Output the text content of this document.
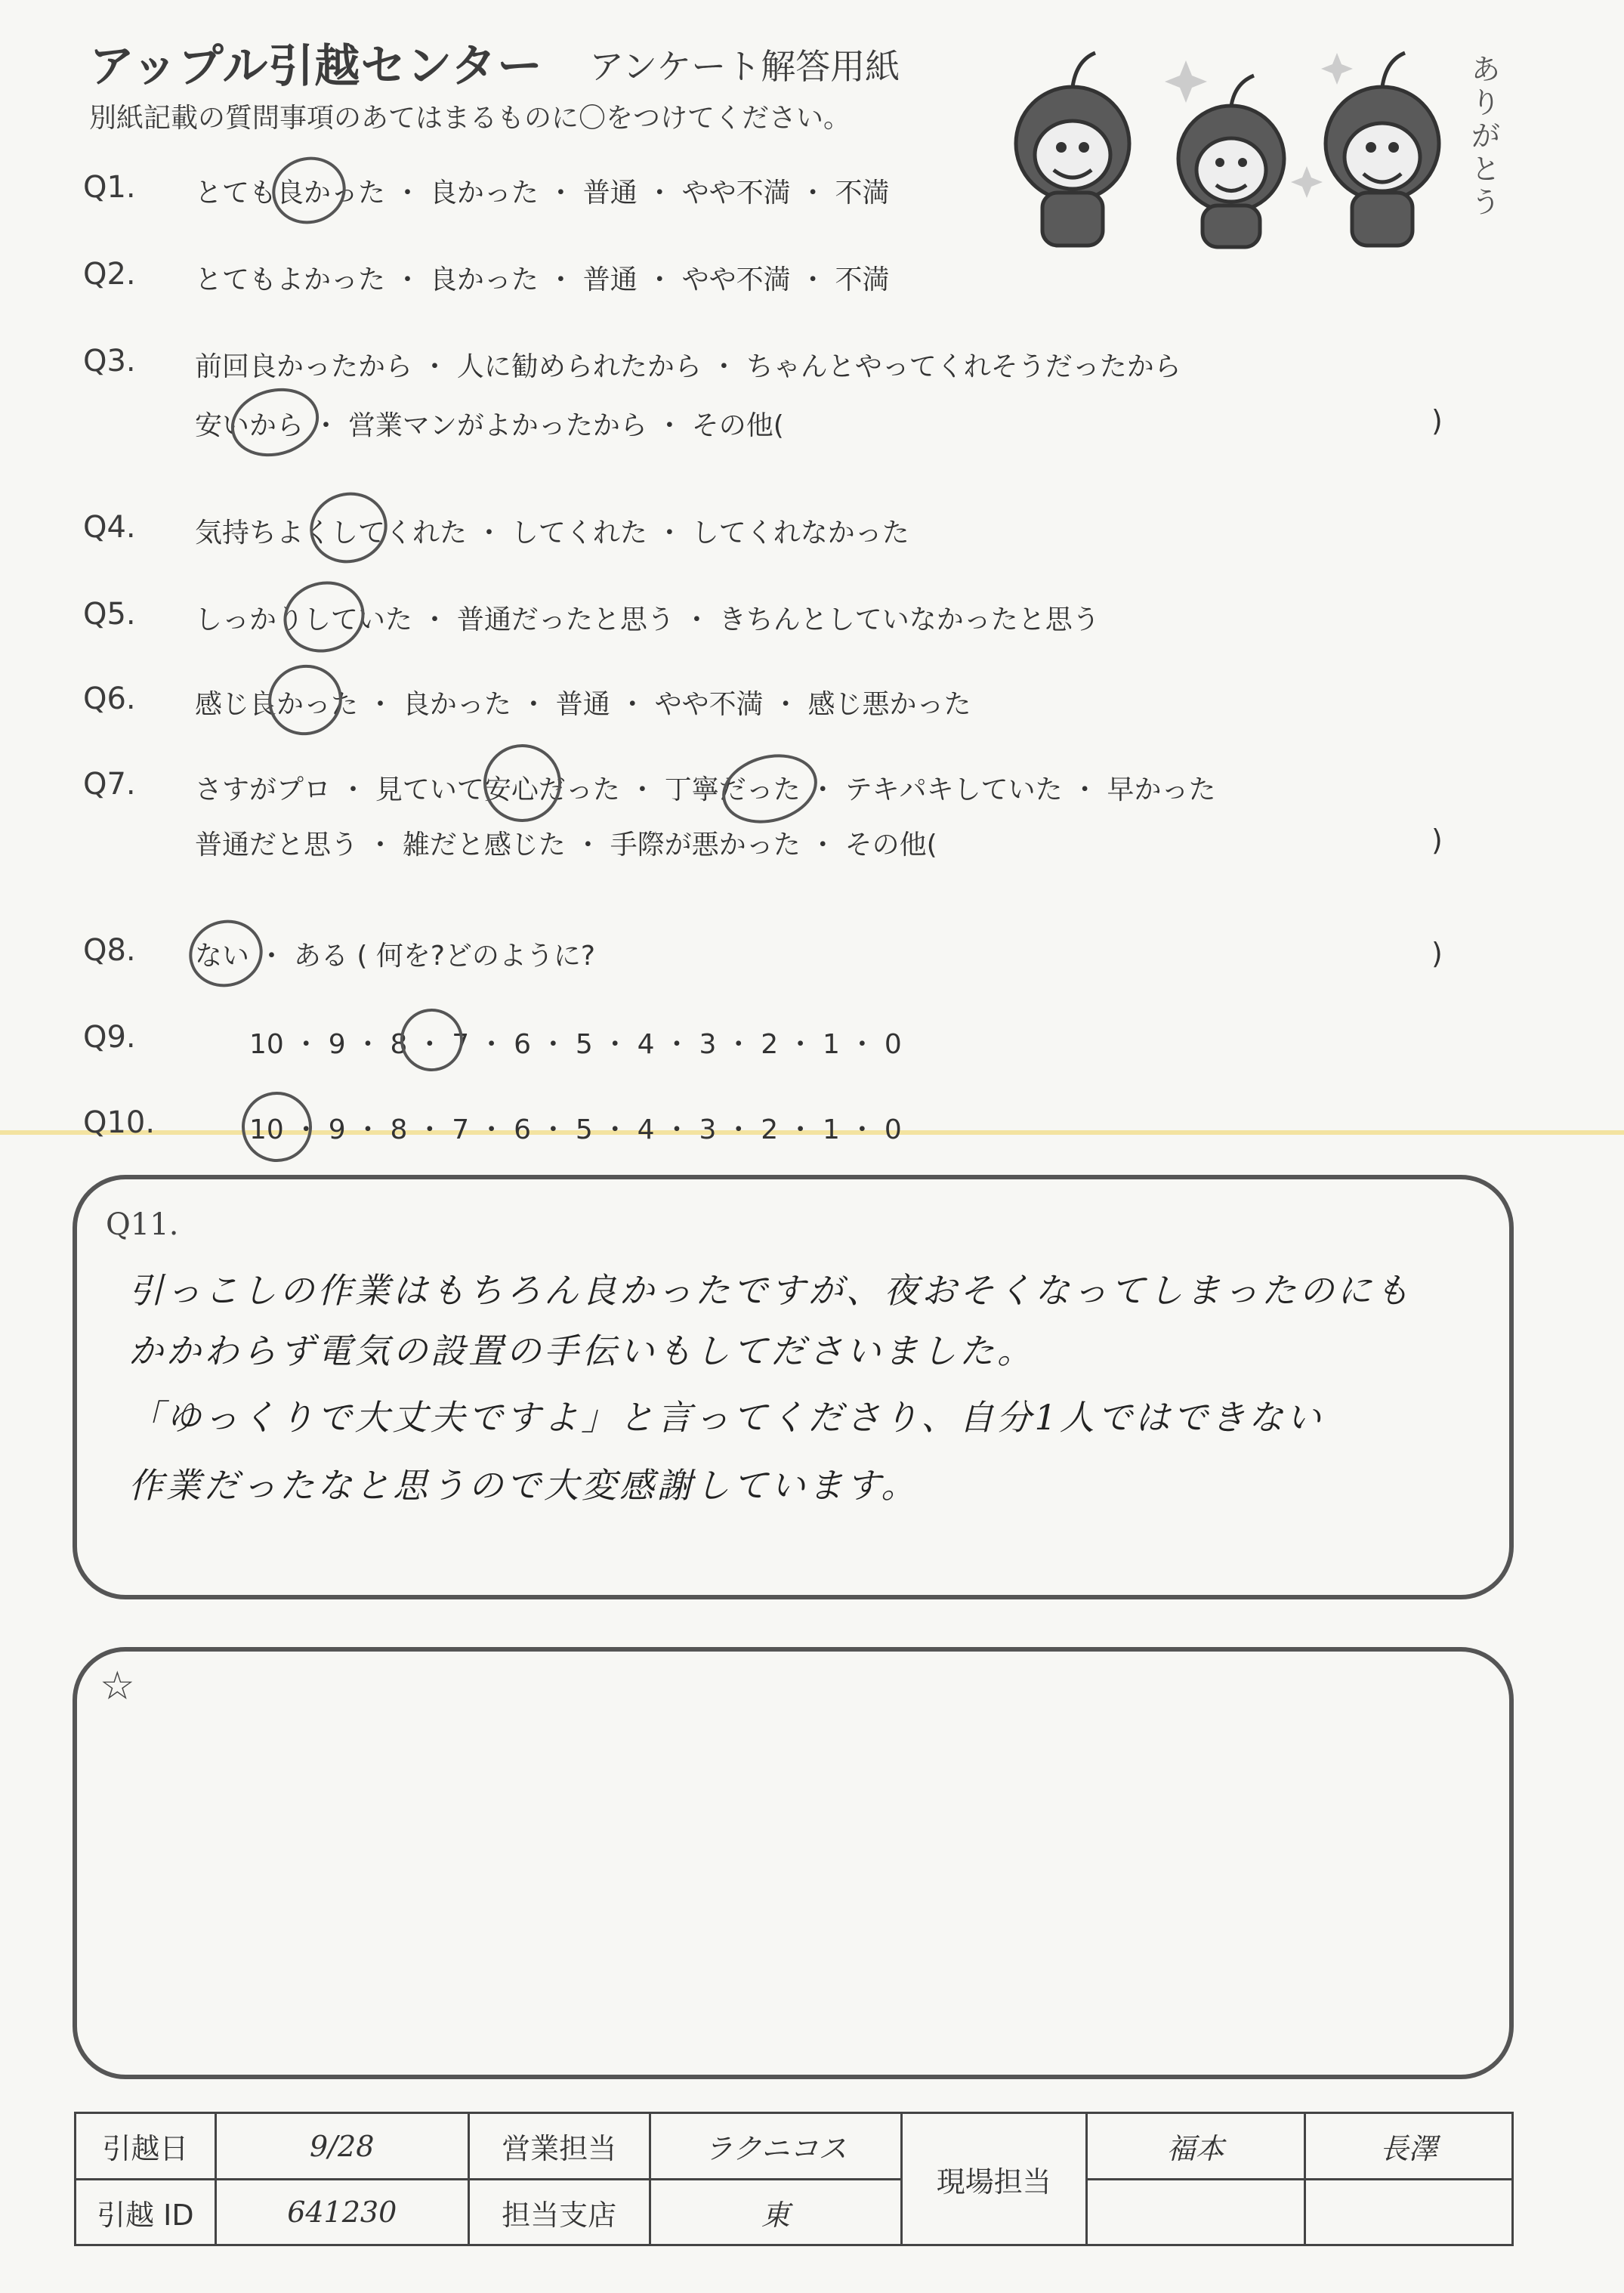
アップル引越センター アンケート解答用紙
別紙記載の質問事項のあてはまるものに〇をつけてください。
ありがとう
Q1. とても良かった ・ 良かった ・ 普通 ・ やや不満 ・ 不満
Q2. とてもよかった ・ 良かった ・ 普通 ・ やや不満 ・ 不満
Q3. 前回良かったから ・ 人に勧められたから ・ ちゃんとやってくれそうだったから
安いから ・ 営業マンがよかったから ・ その他(	)
Q4. 気持ちよくしてくれた ・ してくれた ・ してくれなかった
Q5. しっかりしていた ・ 普通だったと思う ・ きちんとしていなかったと思う
Q6. 感じ良かった ・ 良かった ・ 普通 ・ やや不満 ・ 感じ悪かった
Q7. さすがプロ ・ 見ていて安心だった ・ 丁寧だった ・ テキパキしていた ・ 早かった
普通だと思う ・ 雑だと感じた ・ 手際が悪かった ・ その他(	)
Q8. ない ・ ある ( 何を?どのように?	)
Q9.	10 ・ 9 ・ 8 ・ 7 ・ 6 ・ 5 ・ 4 ・ 3 ・ 2 ・ 1 ・ 0
Q10.	10 ・ 9 ・ 8 ・ 7 ・ 6 ・ 5 ・ 4 ・ 3 ・ 2 ・ 1 ・ 0
Q11.
引っこしの作業はもちろん良かったですが、夜おそくなってしまったのにも
かかわらず電気の設置の手伝いもしてださいました。
「ゆっくりで大丈夫ですよ」と言ってくださり、自分1人ではできない
作業だったなと思うので大変感謝しています。
☆
引越日	9/28	営業担当	ラクニコス	現場担当	福本	長澤
引越 ID	641230	担当支店	東			
